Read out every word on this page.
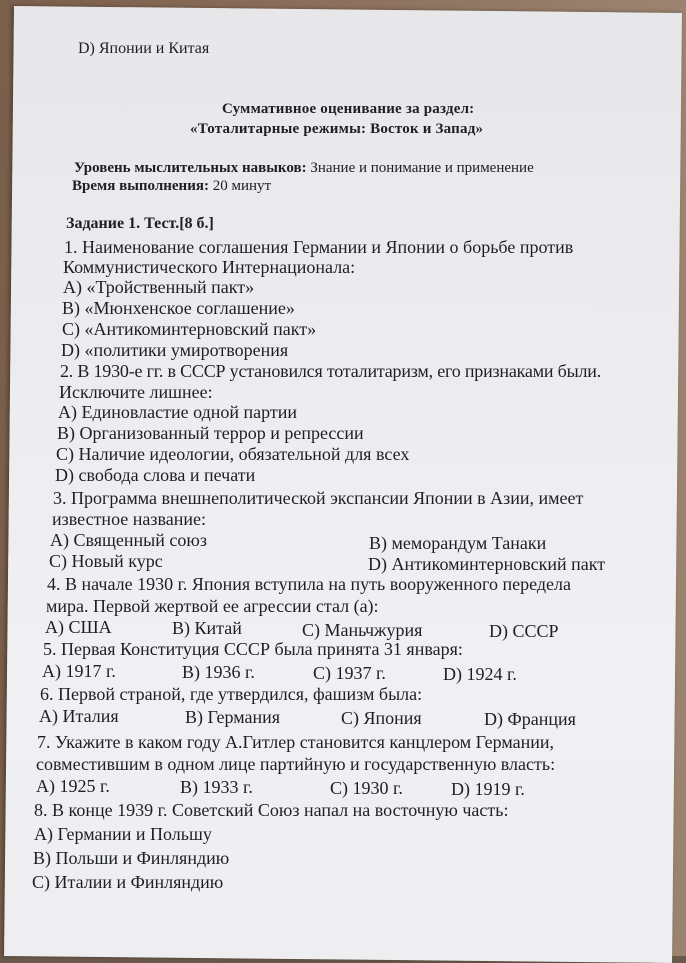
D) Японии и Китая
Суммативное оценивание за раздел:
«Тоталитарные режимы: Восток и Запад»
Уровень мыслительных навыков: Знание и понимание и применение
Время выполнения: 20 минут
Задание 1. Тест.[8 б.]
1. Наименование соглашения Германии и Японии о борьбе против
Коммунистического Интернационала:
A) «Тройственный пакт»
B) «Мюнхенское соглашение»
C) «Антикоминтерновский пакт»
D) «политики умиротворения
2. В 1930-е гг. в СССР установился тоталитаризм, его признаками были.
Исключите лишнее:
A) Единовластие одной партии
B) Организованный террор и репрессии
C) Наличие идеологии, обязательной для всех
D) свобода слова и печати
3. Программа внешнеполитической экспансии Японии в Азии, имеет
известное название:
A) Священный союз	B) меморандум Танаки
C) Новый курс	D) Антикоминтерновский пакт
4. В начале 1930 г. Япония вступила на путь вооруженного передела
мира. Первой жертвой ее агрессии стал (а):
A) США	B) Китай	C) Маньчжурия	D) СССР
5. Первая Конституция СССР была принята 31 января:
A) 1917 г.	B) 1936 г.	C) 1937 г.	D) 1924 г.
6. Первой страной, где утвердился, фашизм была:
A) Италия	B) Германия	C) Япония	D) Франция
7. Укажите в каком году А.Гитлер становится канцлером Германии,
совместившим в одном лице партийную и государственную власть:
A) 1925 г.	B) 1933 г.	C) 1930 г.	D) 1919 г.
8. В конце 1939 г. Советский Союз напал на восточную часть:
A) Германии и Польшу
B) Польши и Финляндию
C) Италии и Финляндию
